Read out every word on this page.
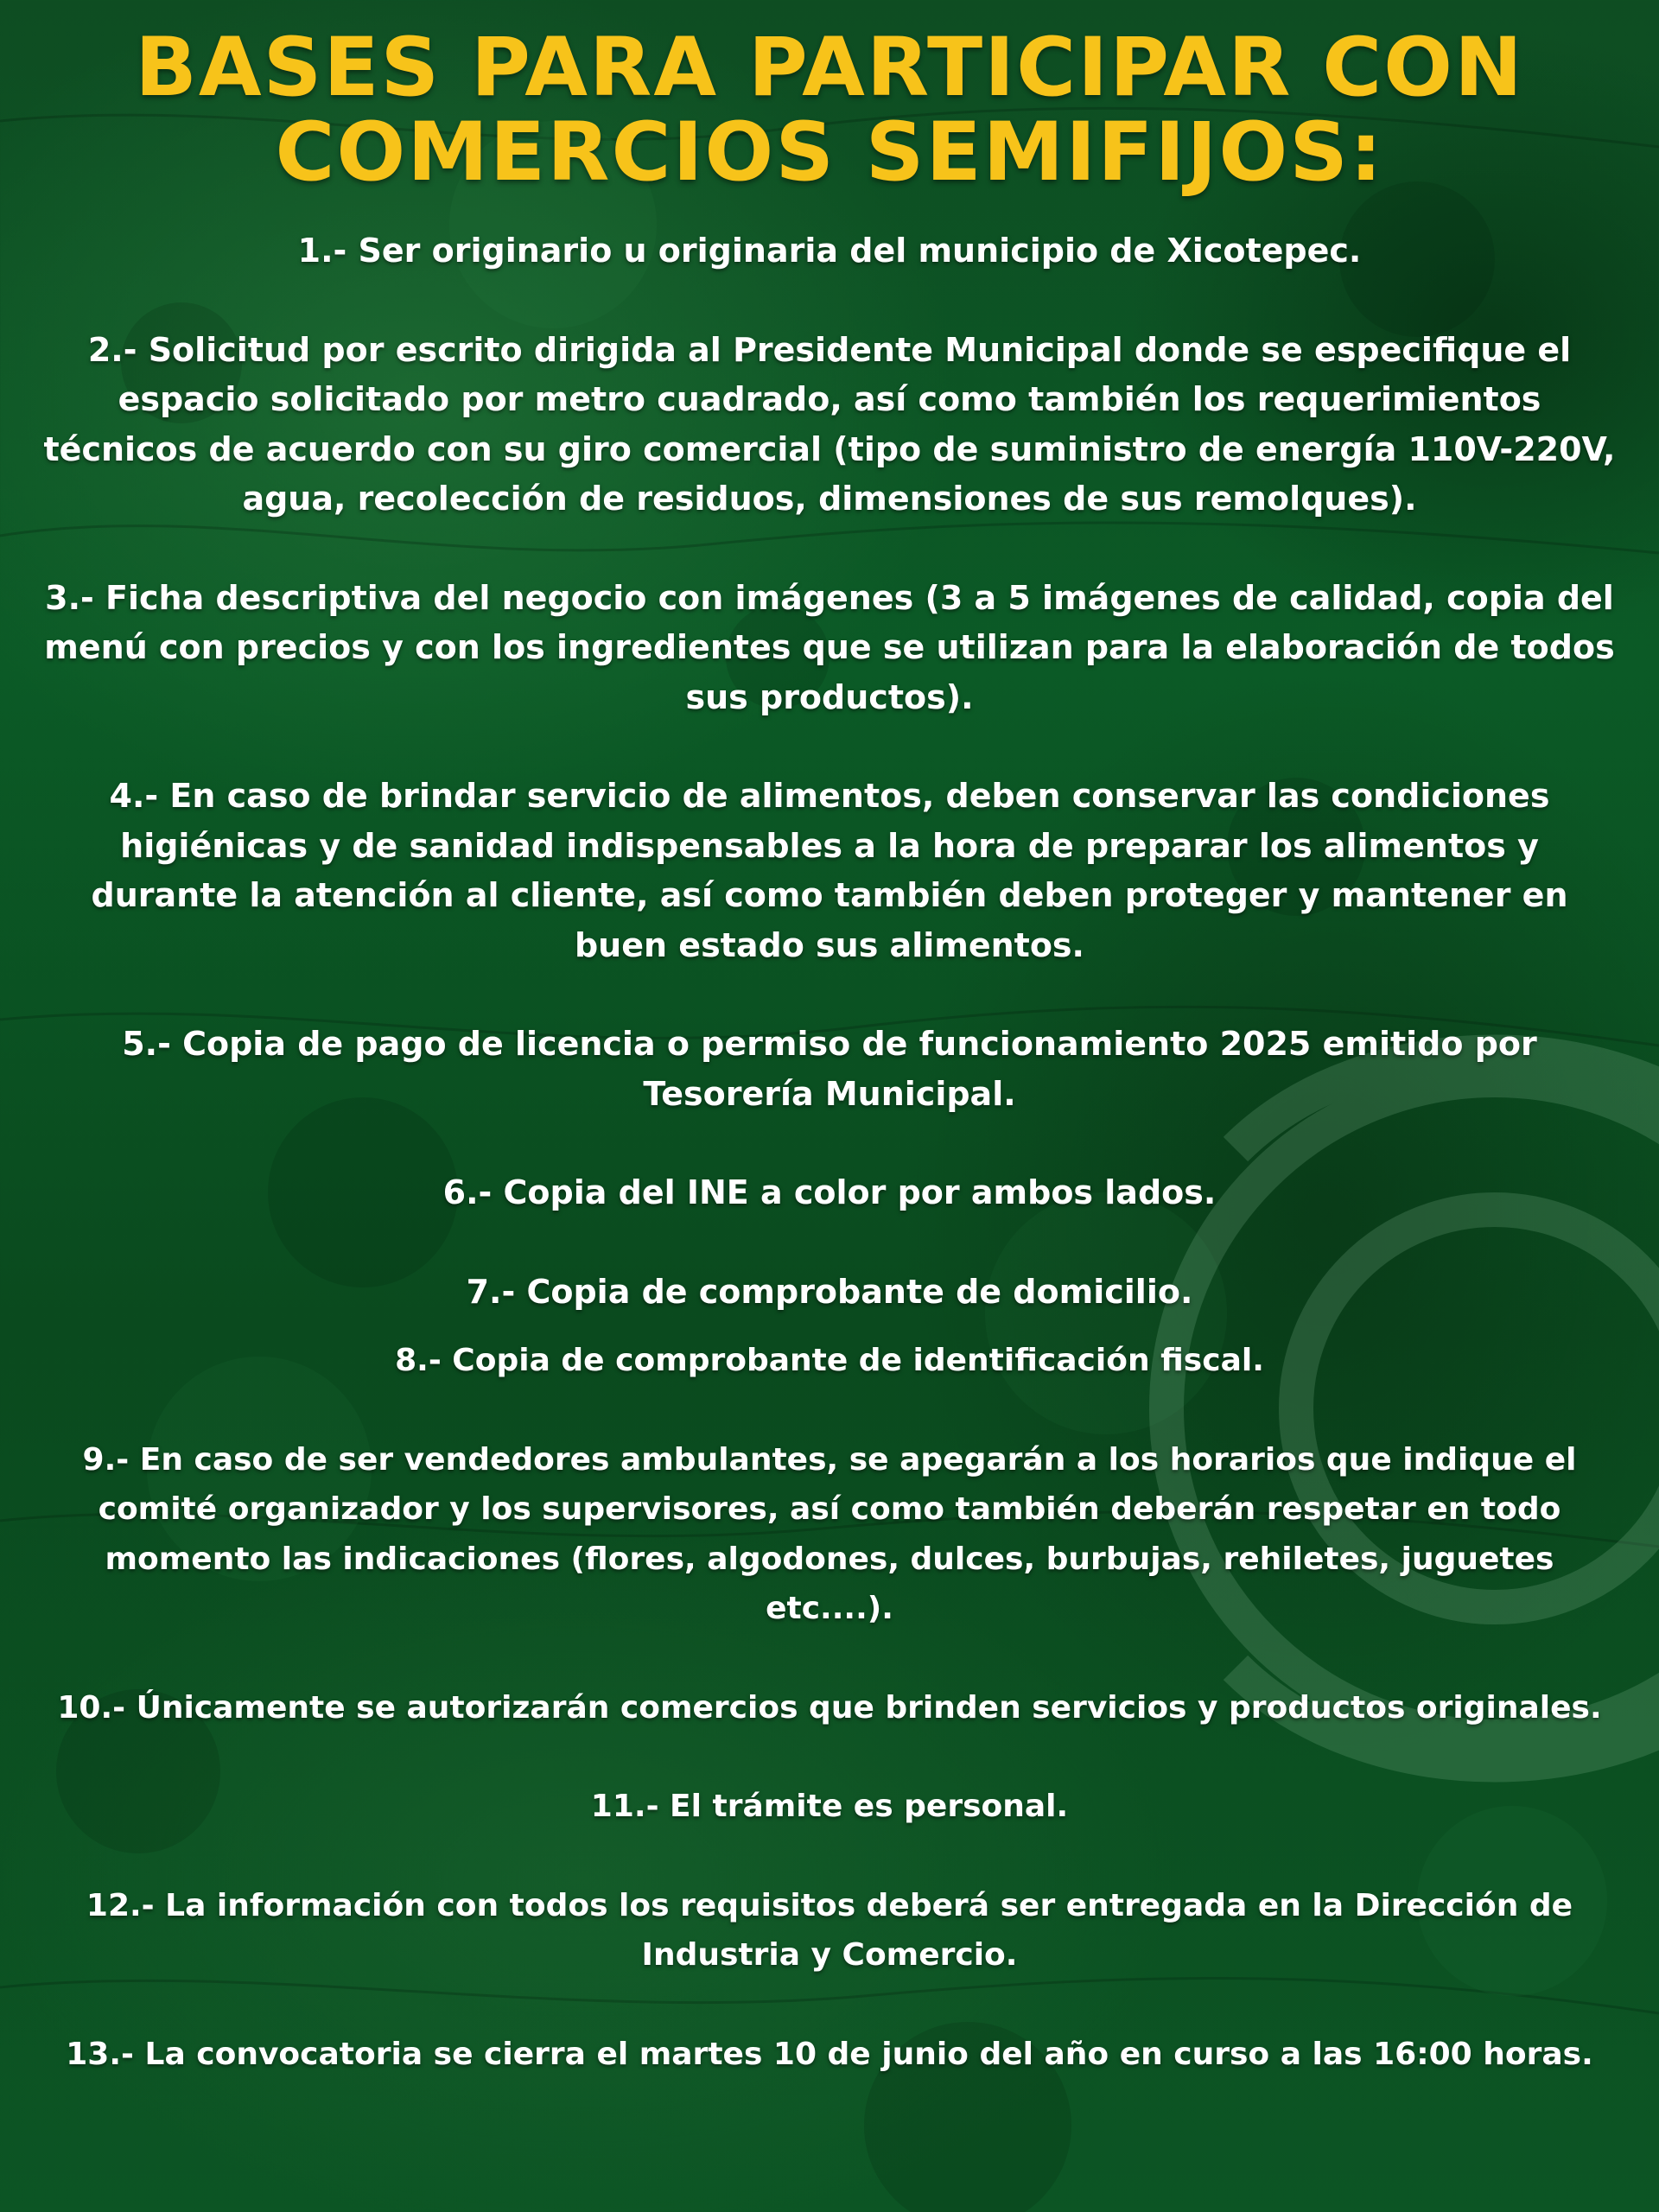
BASES PARA PARTICIPAR CON COMERCIOS SEMIFIJOS:
1.- Ser originario u originaria del municipio de Xicotepec.
2.- Solicitud por escrito dirigida al Presidente Municipal donde se especifique el espacio solicitado por metro cuadrado, así como también los requerimientos técnicos de acuerdo con su giro comercial (tipo de suministro de energía 110V-220V, agua, recolección de residuos, dimensiones de sus remolques).
3.- Ficha descriptiva del negocio con imágenes (3 a 5 imágenes de calidad, copia del menú con precios y con los ingredientes que se utilizan para la elaboración de todos sus productos).
4.- En caso de brindar servicio de alimentos, deben conservar las condiciones higiénicas y de sanidad indispensables a la hora de preparar los alimentos y durante la atención al cliente, así como también deben proteger y mantener en buen estado sus alimentos.
5.- Copia de pago de licencia o permiso de funcionamiento 2025 emitido por Tesorería Municipal.
6.- Copia del INE a color por ambos lados.
7.- Copia de comprobante de domicilio.
8.- Copia de comprobante de identificación fiscal.
9.- En caso de ser vendedores ambulantes, se apegarán a los horarios que indique el comité organizador y los supervisores, así como también deberán respetar en todo momento las indicaciones (flores, algodones, dulces, burbujas, rehiletes, juguetes etc....).
10.- Únicamente se autorizarán comercios que brinden servicios y productos originales.
11.- El trámite es personal.
12.- La información con todos los requisitos deberá ser entregada en la Dirección de Industria y Comercio.
13.- La convocatoria se cierra el martes 10 de junio del año en curso a las 16:00 horas.
